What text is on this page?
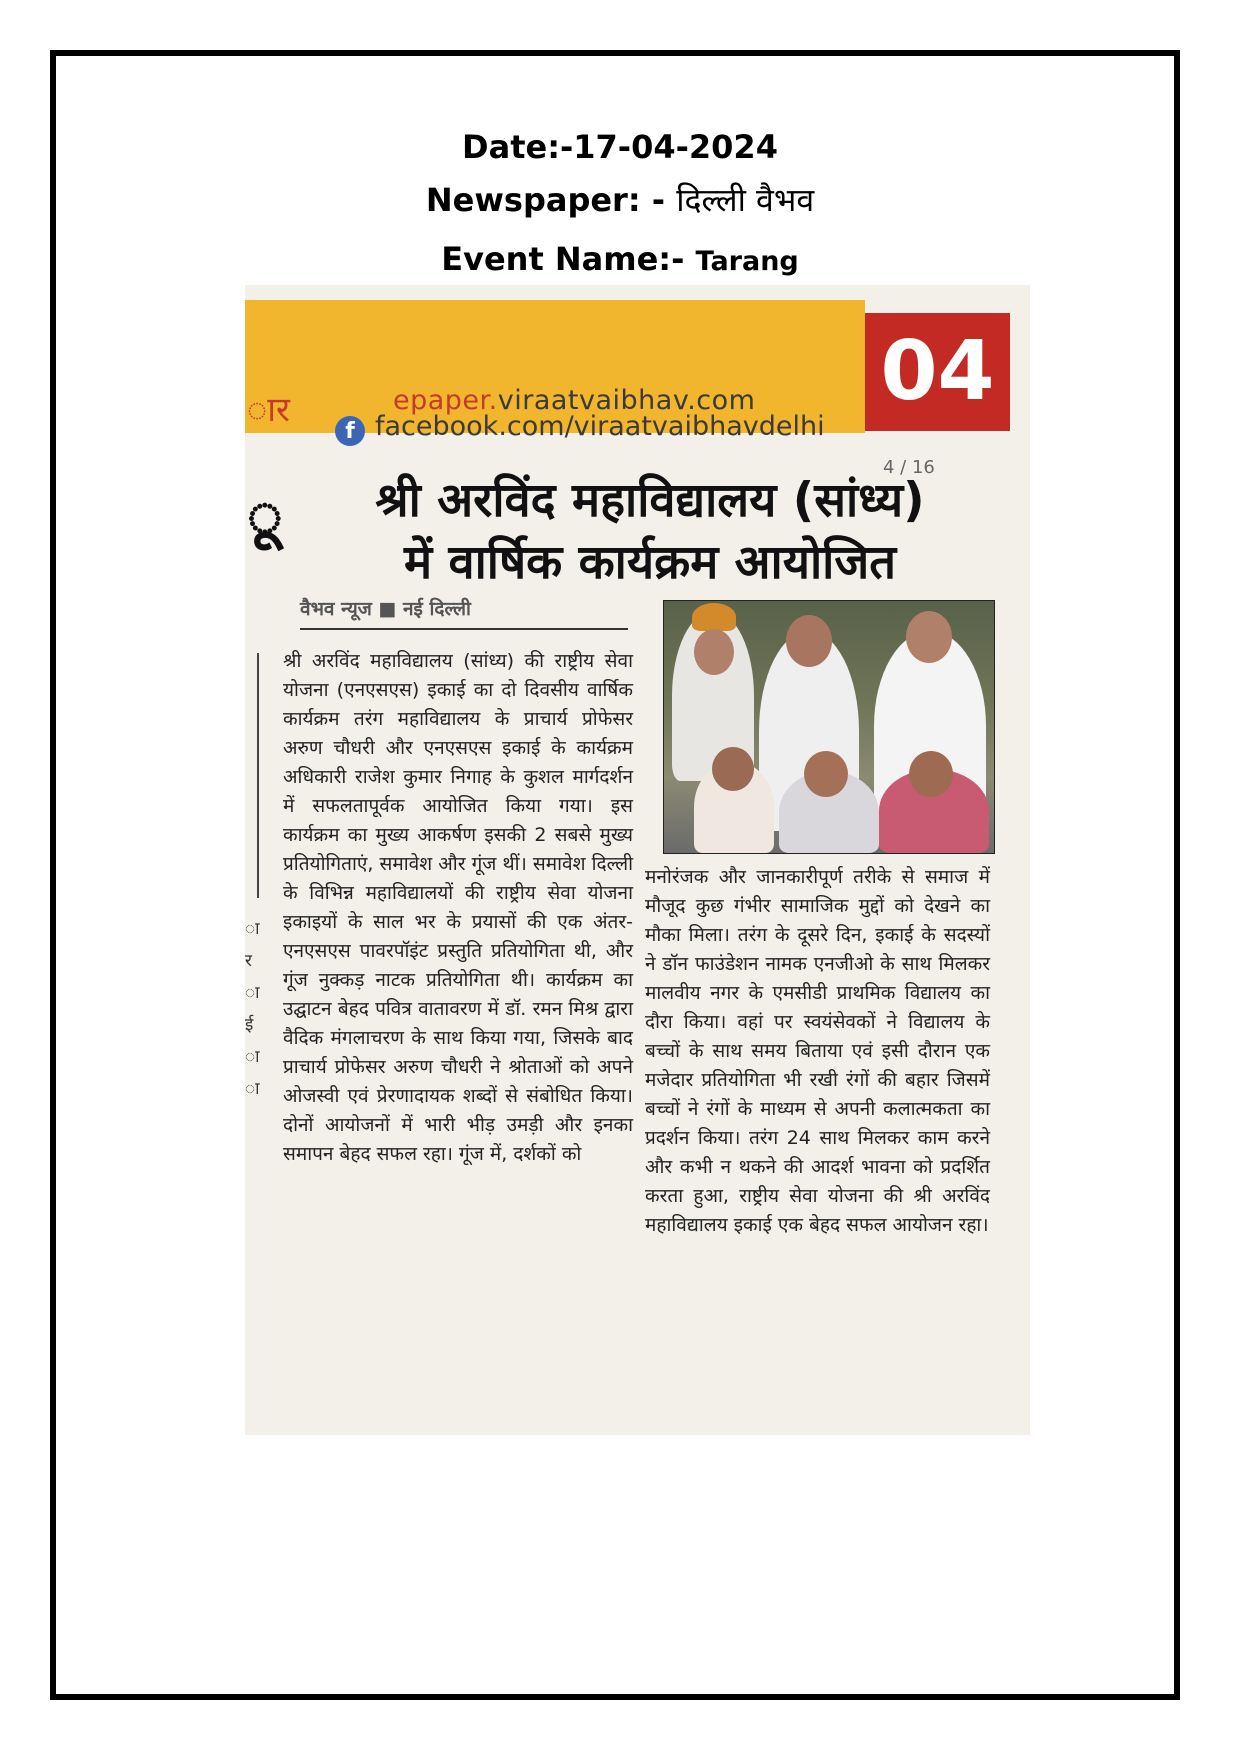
Date:-17-04-2024
Newspaper: - दिल्ली वैभव
Event Name:- Tarang
ार	epaper.viraatvaibhav.com
f facebook.com/viraatvaibhavdelhi
04
4 / 16
ू	श्री अरविंद महाविद्यालय (सांध्य)
में वार्षिक कार्यक्रम आयोजित
वैभव न्यूज ■ नई दिल्ली
ा र ा ई ा ा
श्री अरविंद महाविद्यालय (सांध्य) की राष्ट्रीय सेवा योजना (एनएसएस) इकाई का दो दिवसीय वार्षिक कार्यक्रम तरंग महाविद्यालय के प्राचार्य प्रोफेसर अरुण चौधरी और एनएसएस इकाई के कार्यक्रम अधिकारी राजेश कुमार निगाह के कुशल मार्गदर्शन में सफलतापूर्वक आयोजित किया गया। इस कार्यक्रम का मुख्य आकर्षण इसकी 2 सबसे मुख्य प्रतियोगिताएं, समावेश और गूंज थीं। समावेश दिल्ली के विभिन्न महाविद्यालयों की राष्ट्रीय सेवा योजना इकाइयों के साल भर के प्रयासों की एक अंतर-एनएसएस पावरपॉइंट प्रस्तुति प्रतियोगिता थी, और गूंज नुक्कड़ नाटक प्रतियोगिता थी। कार्यक्रम का उद्घाटन बेहद पवित्र वातावरण में डॉ. रमन मिश्र द्वारा वैदिक मंगलाचरण के साथ किया गया, जिसके बाद प्राचार्य प्रोफेसर अरुण चौधरी ने श्रोताओं को अपने ओजस्वी एवं प्रेरणादायक शब्दों से संबोधित किया। दोनों आयोजनों में भारी भीड़ उमड़ी और इनका समापन बेहद सफल रहा। गूंज में, दर्शकों को
मनोरंजक और जानकारीपूर्ण तरीके से समाज में मौजूद कुछ गंभीर सामाजिक मुद्दों को देखने का मौका मिला। तरंग के दूसरे दिन, इकाई के सदस्यों ने डॉन फाउंडेशन नामक एनजीओ के साथ मिलकर मालवीय नगर के एमसीडी प्राथमिक विद्यालय का दौरा किया। वहां पर स्वयंसेवकों ने विद्यालय के बच्चों के साथ समय बिताया एवं इसी दौरान एक मजेदार प्रतियोगिता भी रखी रंगों की बहार जिसमें बच्चों ने रंगों के माध्यम से अपनी कलात्मकता का प्रदर्शन किया। तरंग 24 साथ मिलकर काम करने और कभी न थकने की आदर्श भावना को प्रदर्शित करता हुआ, राष्ट्रीय सेवा योजना की श्री अरविंद महाविद्यालय इकाई एक बेहद सफल आयोजन रहा।
